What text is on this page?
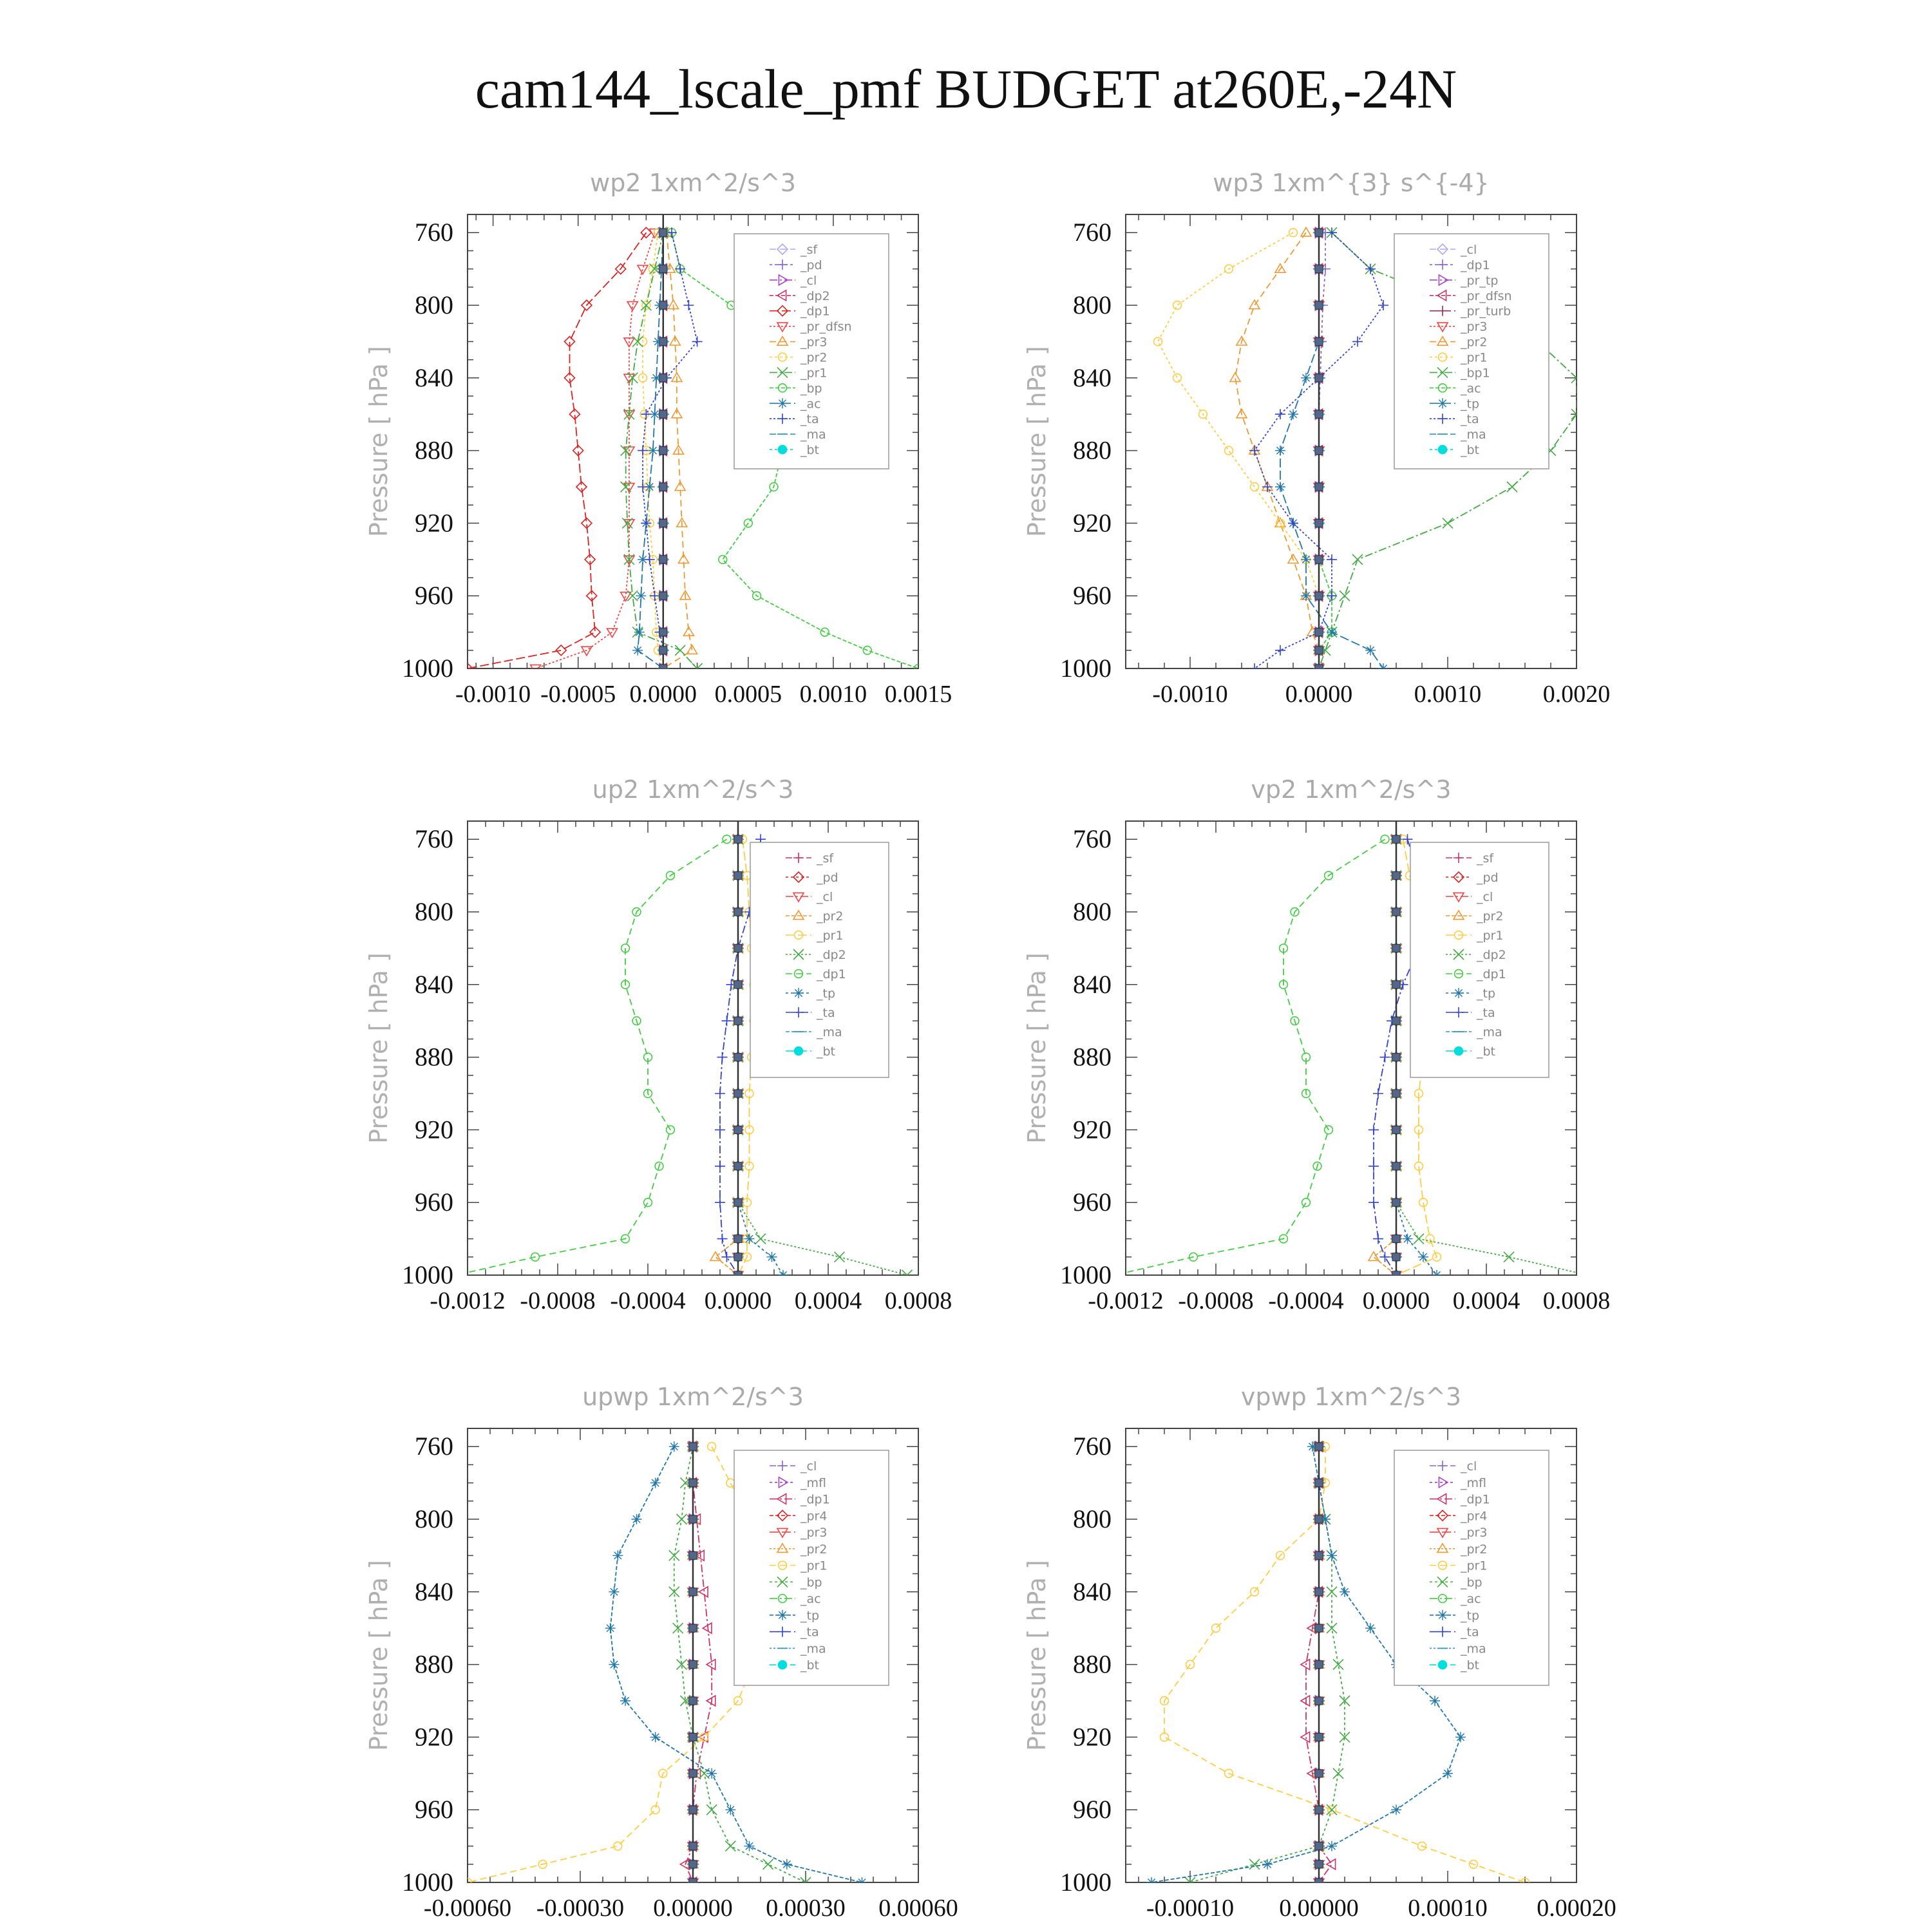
cam144_lscale_pmf BUDGET at260E,-24N
760
800
840
880
920
960
1000
-0.0010 -0.0005 0.0000 0.0005 0.0010 0.0015
wp2 1xm^2/s^3
Pressure [ hPa ]
_sf
_pd
_cl
_dp2
_dp1
_pr_dfsn
_pr3
_pr2
_pr1
_bp
_ac
_ta
_ma
_bt
760
800
840
880
920
960
1000
-0.0010 0.0000	0.0010	0.0020
wp3 1xm^{3} s^{-4}
Pressure [ hPa ]
_cl
_dp1
_pr_tp
_pr_dfsn
_pr_turb
_pr3
_pr2
_pr1
_bp1
_ac
_tp
_ta
_ma
_bt
760
800
840
880
920
960
1000
-0.0012 -0.0008 -0.0004 0.0000 0.0004 0.0008
up2 1xm^2/s^3
Pressure [ hPa ]
_sf
_pd
_cl
_pr2
_pr1
_dp2
_dp1
_tp
_ta
_ma
_bt
760
800
840
880
920
960
1000
-0.0012 -0.0008 -0.0004 0.0000 0.0004 0.0008
vp2 1xm^2/s^3
Pressure [ hPa ]
_sf
_pd
_cl
_pr2
_pr1
_dp2
_dp1
_tp
_ta
_ma
_bt
760
800
840
880
920
960
1000
-0.00060 -0.00030 0.00000 0.00030 0.00060
upwp 1xm^2/s^3
Pressure [ hPa ]
_cl
_mfl
_dp1
_pr4
_pr3
_pr2
_pr1
_bp
_ac
_tp
_ta
_ma
_bt
760
800
840
880
920
960
1000
-0.00010 0.00000 0.00010 0.00020
vpwp 1xm^2/s^3
Pressure [ hPa ]
_cl
_mfl
_dp1
_pr4
_pr3
_pr2
_pr1
_bp
_ac
_tp
_ta
_ma
_bt
